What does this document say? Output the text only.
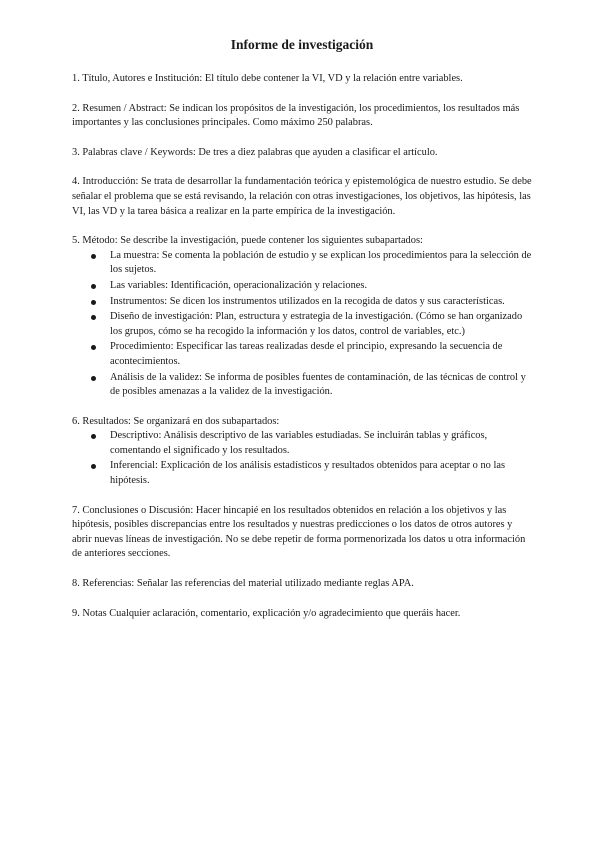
Informe de investigación

1. Título, Autores e Institución: El título debe contener la VI, VD y la relación entre variables.

2. Resumen / Abstract: Se indican los propósitos de la investigación, los procedimientos, los resultados más importantes y las conclusiones principales. Como máximo 250 palabras.

3. Palabras clave / Keywords: De tres a diez palabras que ayuden a clasificar el artículo.

4. Introducción: Se trata de desarrollar la fundamentación teórica y epistemológica de nuestro estudio. Se debe señalar el problema que se está revisando, la relación con otras investigaciones, los objetivos, las hipótesis, las VI, las VD y la tarea básica a realizar en la parte empírica de la investigación.

5. Método: Se describe la investigación, puede contener los siguientes subapartados:

La muestra: Se comenta la población de estudio y se explican los procedimientos para la selección de los sujetos.
Las variables: Identificación, operacionalización y relaciones.
Instrumentos: Se dicen los instrumentos utilizados en la recogida de datos y sus características.
Diseño de investigación: Plan, estructura y estrategia de la investigación. (Cómo se han organizado los grupos, cómo se ha recogido la información y los datos, control de variables, etc.)
Procedimiento: Especificar las tareas realizadas desde el principio, expresando la secuencia de acontecimientos.
Análisis de la validez: Se informa de posibles fuentes de contaminación, de las técnicas de control y de posibles amenazas a la validez de la investigación.

6. Resultados: Se organizará en dos subapartados:

Descriptivo: Análisis descriptivo de las variables estudiadas. Se incluirán tablas y gráficos, comentando el significado y los resultados.
Inferencial: Explicación de los análisis estadísticos y resultados obtenidos para aceptar o no las hipótesis.

7. Conclusiones o Discusión: Hacer hincapié en los resultados obtenidos en relación a los objetivos y las hipótesis, posibles discrepancias entre los resultados y nuestras predicciones o los datos de otros autores y abrir nuevas líneas de investigación. No se debe repetir de forma pormenorizada los datos u otra información de anteriores secciones.

8. Referencias: Señalar las referencias del material utilizado mediante reglas APA.

9. Notas Cualquier aclaración, comentario, explicación y/o agradecimiento que queráis hacer.
